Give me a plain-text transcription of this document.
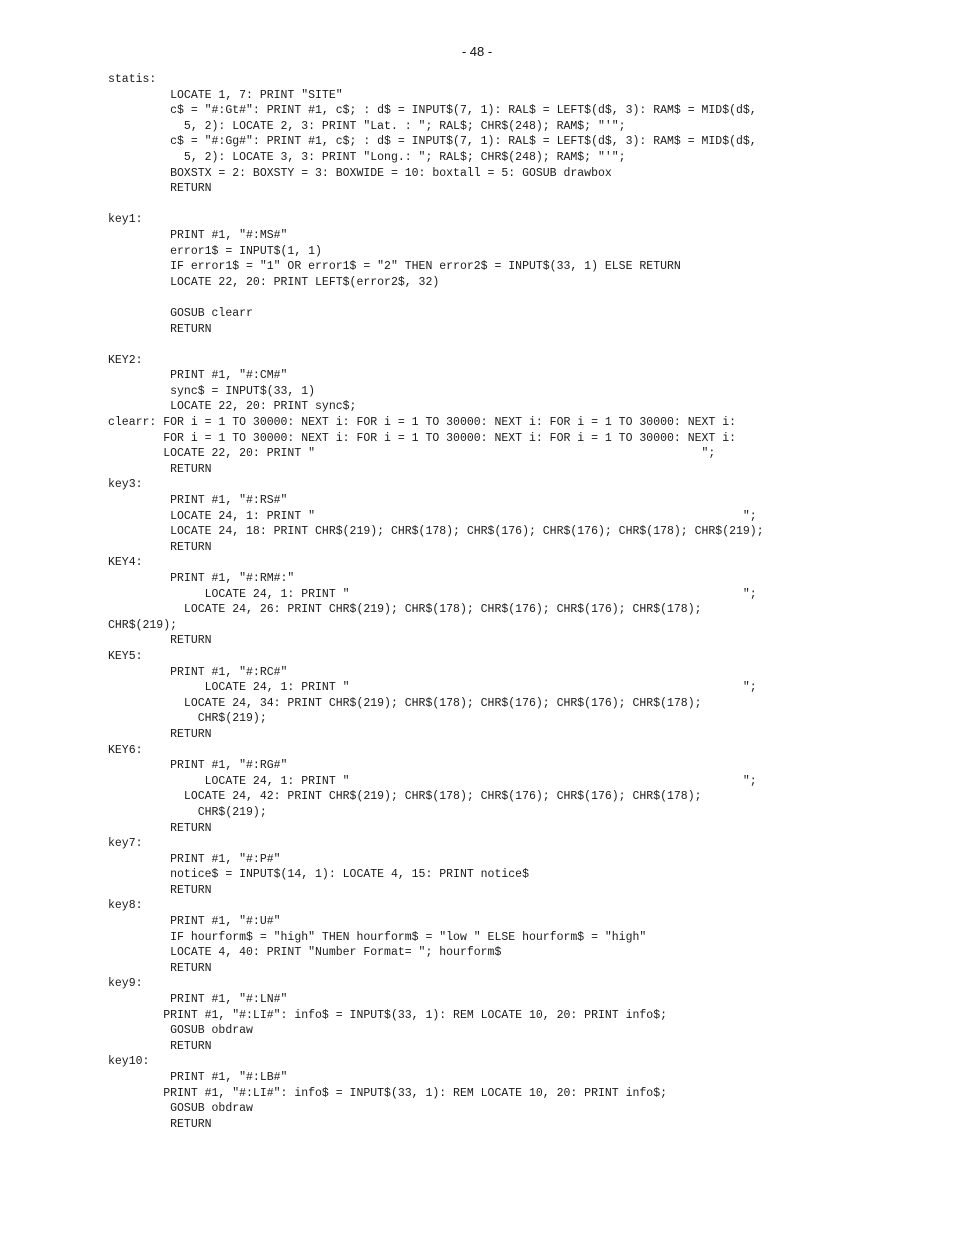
- 48 -
statis:
LOCATE 1, 7: PRINT "SITE"
c$ = "#:Gt#": PRINT #1, c$; : d$ = INPUT$(7, 1): RAL$ = LEFT$(d$, 3): RAM$ = MID$(d$,
5, 2): LOCATE 2, 3: PRINT "Lat. : "; RAL$; CHR$(248); RAM$; "'";
c$ = "#:Gg#": PRINT #1, c$; : d$ = INPUT$(7, 1): RAL$ = LEFT$(d$, 3): RAM$ = MID$(d$,
5, 2): LOCATE 3, 3: PRINT "Long.: "; RAL$; CHR$(248); RAM$; "'";
BOXSTX = 2: BOXSTY = 3: BOXWIDE = 10: boxtall = 5: GOSUB drawbox
RETURN
key1:
PRINT #1, "#:MS#"
error1$ = INPUT$(1, 1)
IF error1$ = "1" OR error1$ = "2" THEN error2$ = INPUT$(33, 1) ELSE RETURN
LOCATE 22, 20: PRINT LEFT$(error2$, 32)
GOSUB clearr
RETURN
KEY2:
PRINT #1, "#:CM#"
sync$ = INPUT$(33, 1)
LOCATE 22, 20: PRINT sync$;
clearr: FOR i = 1 TO 30000: NEXT i: FOR i = 1 TO 30000: NEXT i: FOR i = 1 TO 30000: NEXT i:
FOR i = 1 TO 30000: NEXT i: FOR i = 1 TO 30000: NEXT i: FOR i = 1 TO 30000: NEXT i:
LOCATE 22, 20: PRINT "                                                        ";
RETURN
key3:
PRINT #1, "#:RS#"
LOCATE 24, 1: PRINT "                                                              ";
LOCATE 24, 18: PRINT CHR$(219); CHR$(178); CHR$(176); CHR$(176); CHR$(178); CHR$(219);
RETURN
KEY4:
PRINT #1, "#:RM#:"
LOCATE 24, 1: PRINT "                                                         ";
LOCATE 24, 26: PRINT CHR$(219); CHR$(178); CHR$(176); CHR$(176); CHR$(178);
CHR$(219);
RETURN
KEY5:
PRINT #1, "#:RC#"
LOCATE 24, 1: PRINT "                                                         ";
LOCATE 24, 34: PRINT CHR$(219); CHR$(178); CHR$(176); CHR$(176); CHR$(178);
CHR$(219);
RETURN
KEY6:
PRINT #1, "#:RG#"
LOCATE 24, 1: PRINT "                                                         ";
LOCATE 24, 42: PRINT CHR$(219); CHR$(178); CHR$(176); CHR$(176); CHR$(178);
CHR$(219);
RETURN
key7:
PRINT #1, "#:P#"
notice$ = INPUT$(14, 1): LOCATE 4, 15: PRINT notice$
RETURN
key8:
PRINT #1, "#:U#"
IF hourform$ = "high" THEN hourform$ = "low " ELSE hourform$ = "high"
LOCATE 4, 40: PRINT "Number Format= "; hourform$
RETURN
key9:
PRINT #1, "#:LN#"
PRINT #1, "#:LI#": info$ = INPUT$(33, 1): REM LOCATE 10, 20: PRINT info$;
GOSUB obdraw
RETURN
key10:
PRINT #1, "#:LB#"
PRINT #1, "#:LI#": info$ = INPUT$(33, 1): REM LOCATE 10, 20: PRINT info$;
GOSUB obdraw
RETURN
